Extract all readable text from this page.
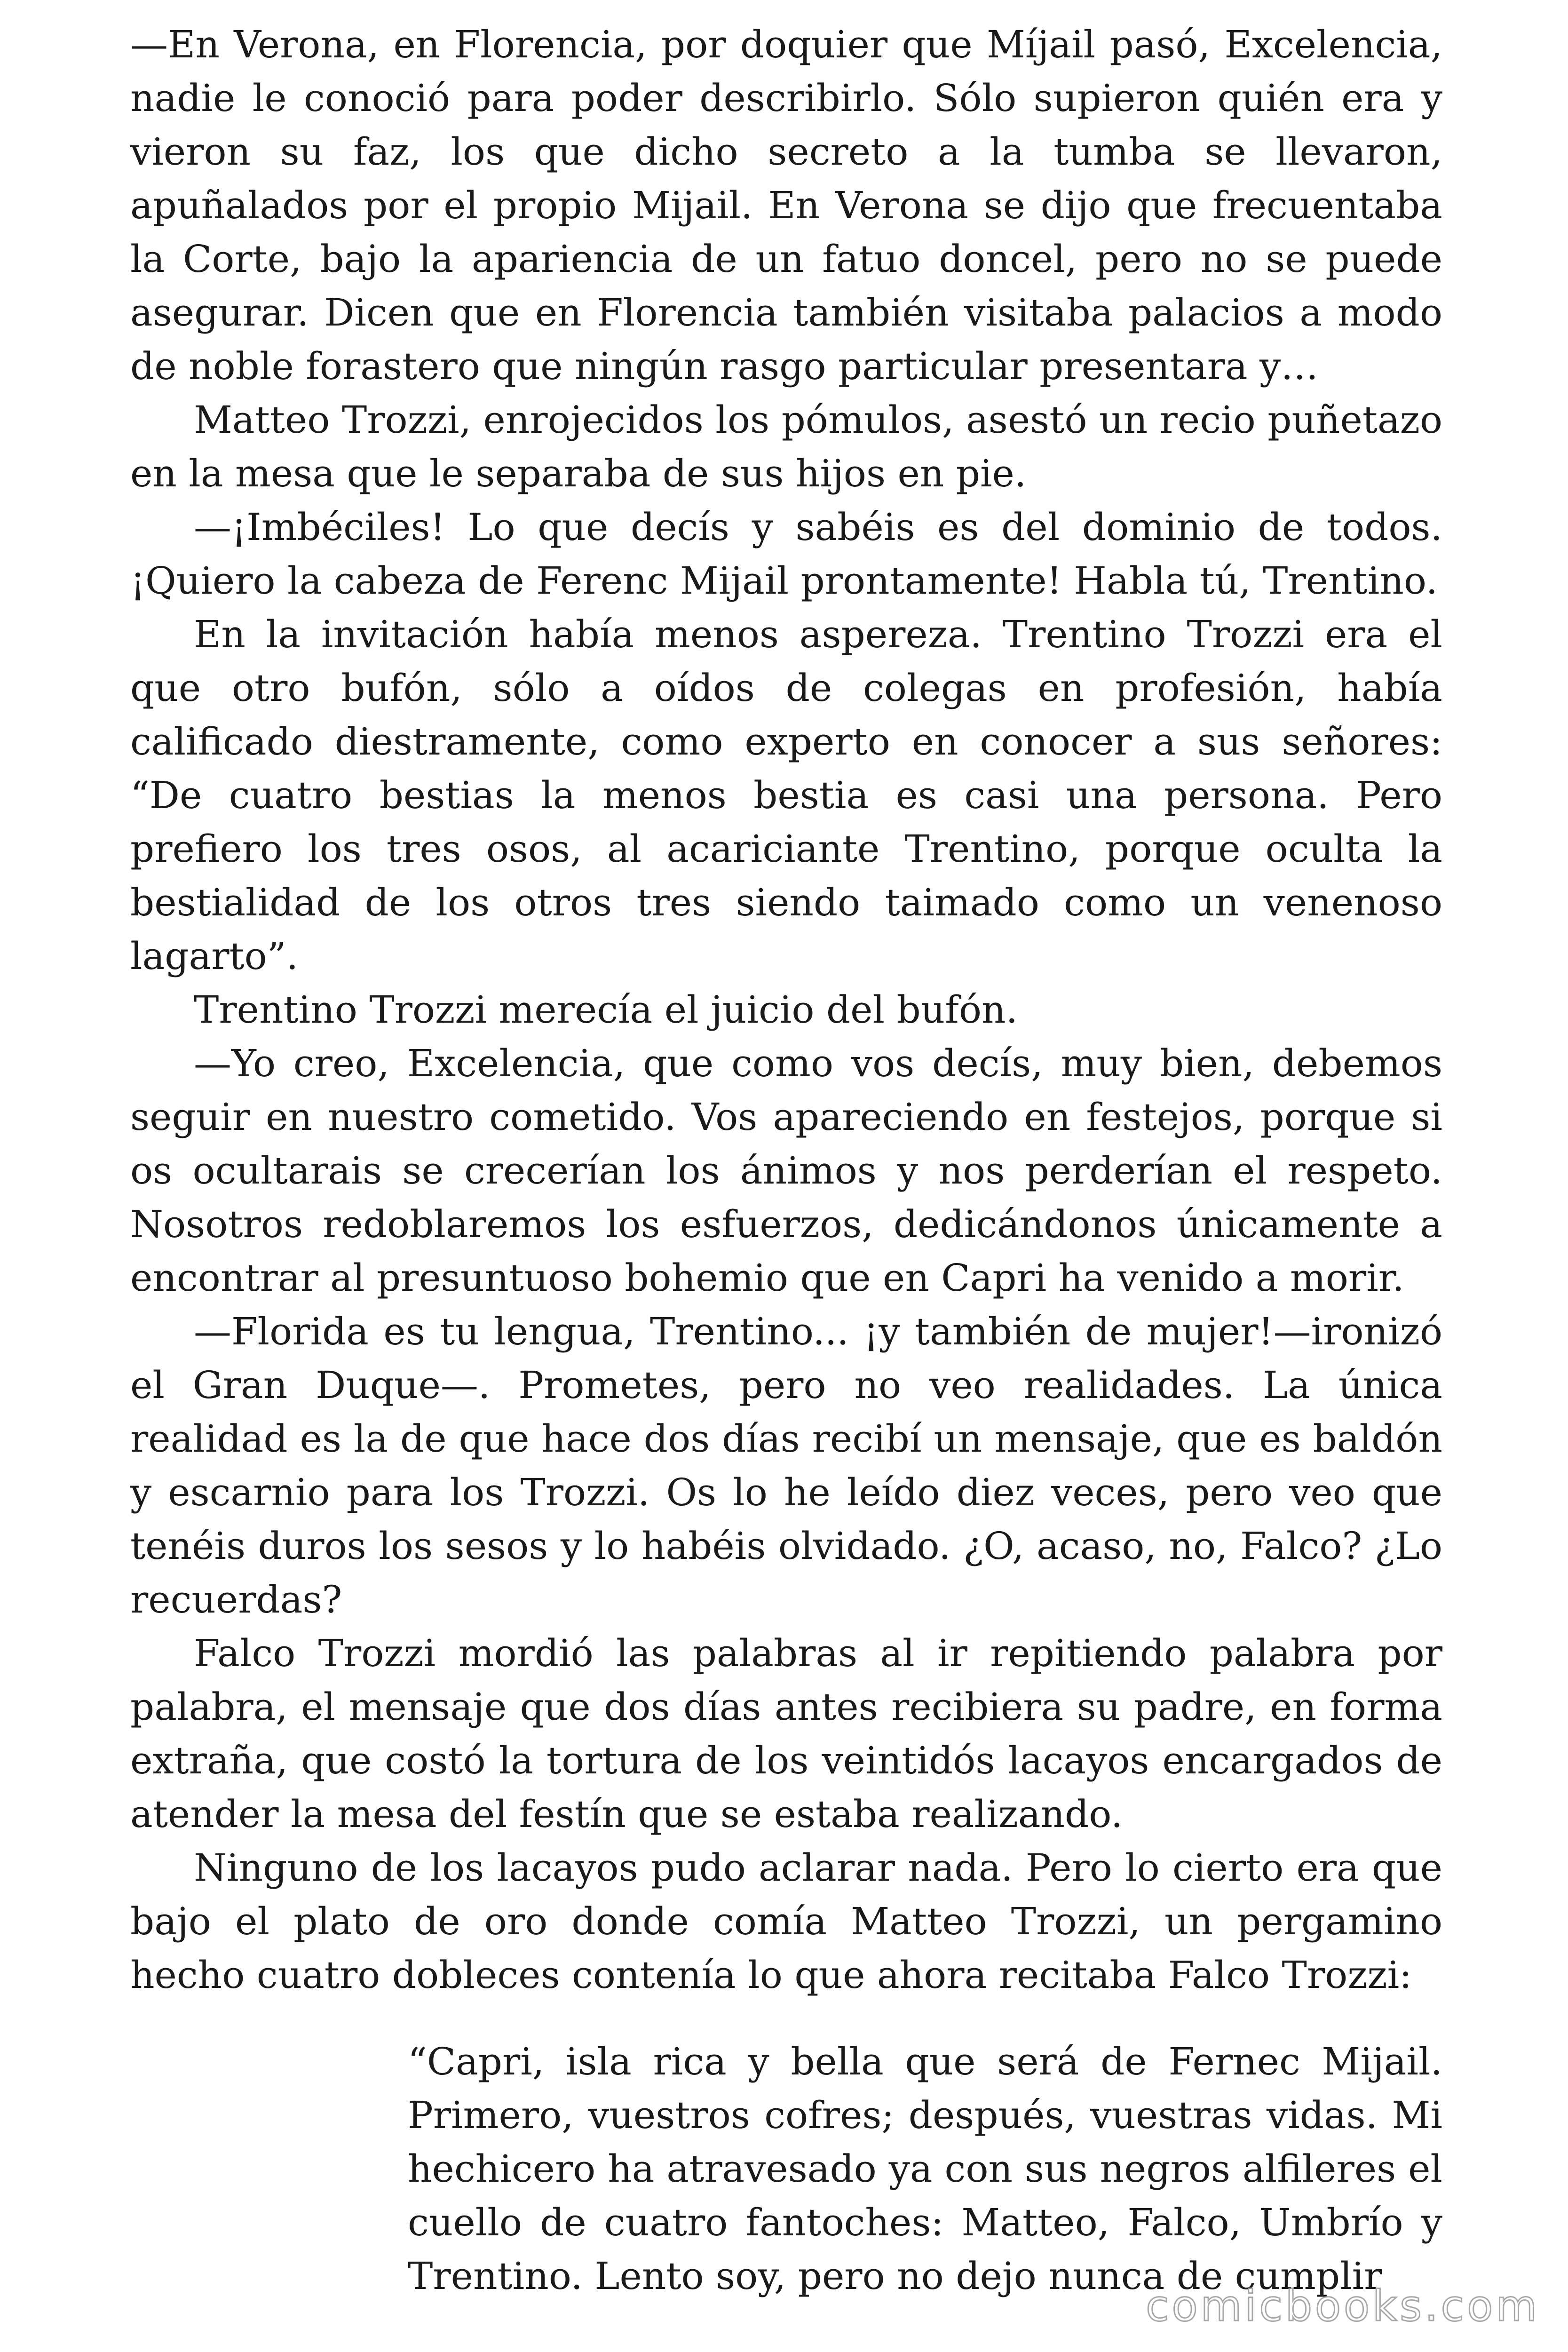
—En Verona, en Florencia, por doquier que Míjail pasó, Excelencia, nadie le conoció para poder describirlo. Sólo supieron quién era y vieron su faz, los que dicho secreto a la tumba se llevaron, apuñalados por el propio Mijail. En Verona se dijo que frecuentaba la Corte, bajo la apariencia de un fatuo doncel, pero no se puede asegurar. Dicen que en Florencia también visitaba palacios a modo de noble forastero que ningún rasgo particular presentara y…

Matteo Trozzi, enrojecidos los pómulos, asestó un recio puñetazo en la mesa que le separaba de sus hijos en pie.

—¡Imbéciles! Lo que decís y sabéis es del dominio de todos. ¡Quiero la cabeza de Ferenc Mijail prontamente! Habla tú, Trentino.

En la invitación había menos aspereza. Trentino Trozzi era el que otro bufón, sólo a oídos de colegas en profesión, había calificado diestramente, como experto en conocer a sus señores: “De cuatro bestias la menos bestia es casi una persona. Pero prefiero los tres osos, al acariciante Trentino, porque oculta la bestialidad de los otros tres siendo taimado como un venenoso lagarto”.

Trentino Trozzi merecía el juicio del bufón.

—Yo creo, Excelencia, que como vos decís, muy bien, debemos seguir en nuestro cometido. Vos apareciendo en festejos, porque si os ocultarais se crecerían los ánimos y nos perderían el respeto. Nosotros redoblaremos los esfuerzos, dedicándonos únicamente a encontrar al presuntuoso bohemio que en Capri ha venido a morir.

—Florida es tu lengua, Trentino... ¡y también de mujer!—ironizó el Gran Duque—. Prometes, pero no veo realidades. La única realidad es la de que hace dos días recibí un mensaje, que es baldón y escarnio para los Trozzi. Os lo he leído diez veces, pero veo que tenéis duros los sesos y lo habéis olvidado. ¿O, acaso, no, Falco? ¿Lo recuerdas?

Falco Trozzi mordió las palabras al ir repitiendo palabra por palabra, el mensaje que dos días antes recibiera su padre, en forma extraña, que costó la tortura de los veintidós lacayos encargados de atender la mesa del festín que se estaba realizando.

Ninguno de los lacayos pudo aclarar nada. Pero lo cierto era que bajo el plato de oro donde comía Matteo Trozzi, un pergamino hecho cuatro dobleces contenía lo que ahora recitaba Falco Trozzi:

“Capri, isla rica y bella que será de Fernec Mijail. Primero, vuestros cofres; después, vuestras vidas. Mi hechicero ha atravesado ya con sus negros alfileres el cuello de cuatro fantoches: Matteo, Falco, Umbrío y Trentino. Lento soy, pero no dejo nunca de cumplir

comicbooks.com
